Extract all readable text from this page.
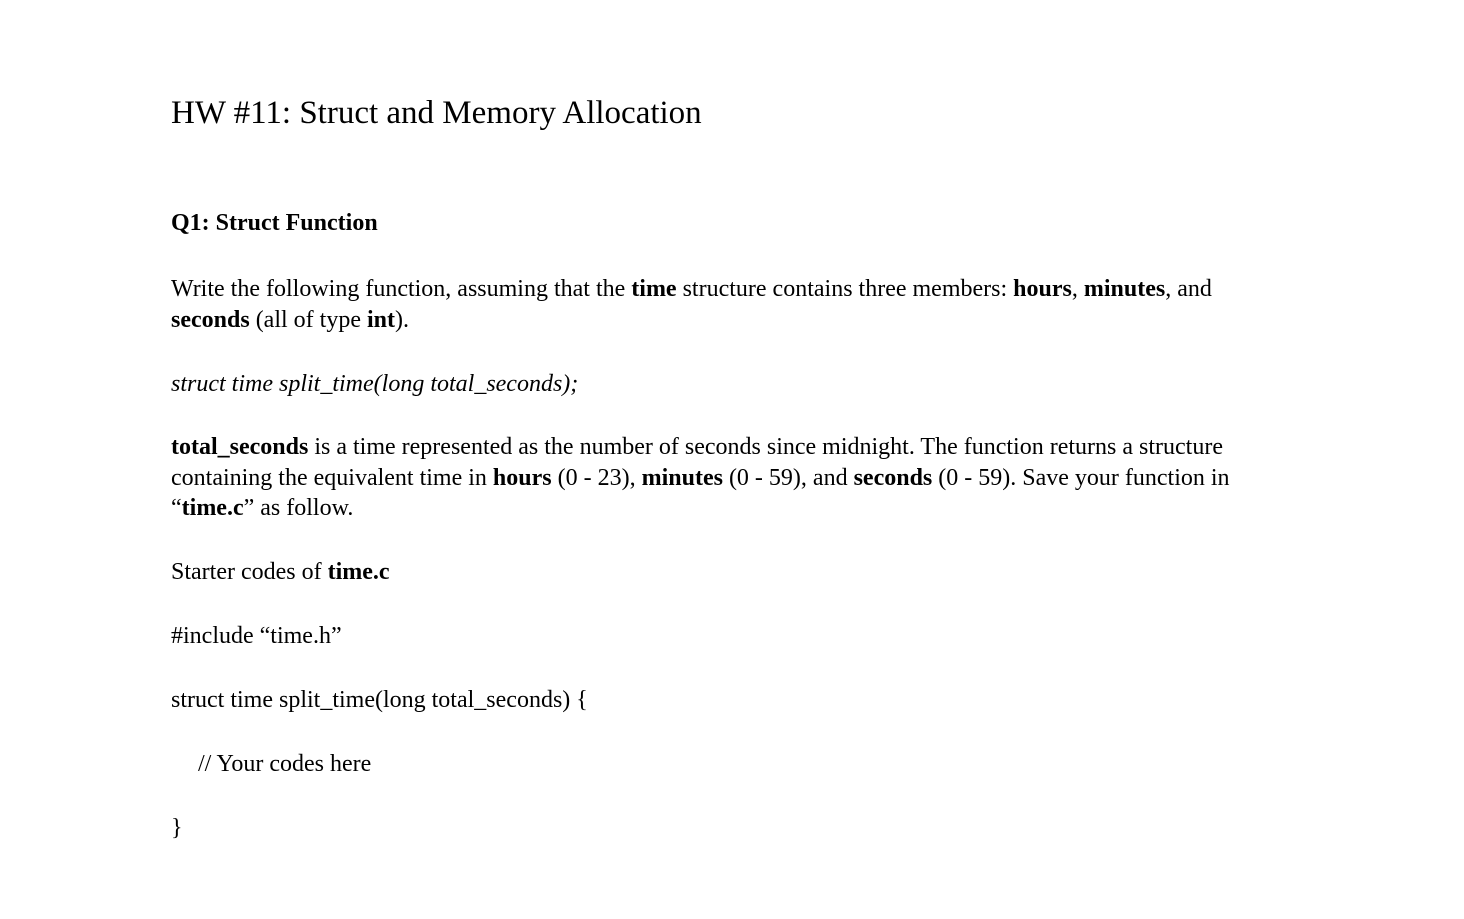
HW #11: Struct and Memory Allocation
Q1: Struct Function

Write the following function, assuming that the time structure contains three members: hours, minutes, and seconds (all of type int).

struct time split_time(long total_seconds);

total_seconds is a time represented as the number of seconds since midnight. The function returns a structure containing the equivalent time in hours (0 - 23), minutes (0 - 59), and seconds (0 - 59). Save your function in “time.c” as follow.

Starter codes of time.c

#include “time.h”

struct time split_time(long total_seconds) {

// Your codes here

}
